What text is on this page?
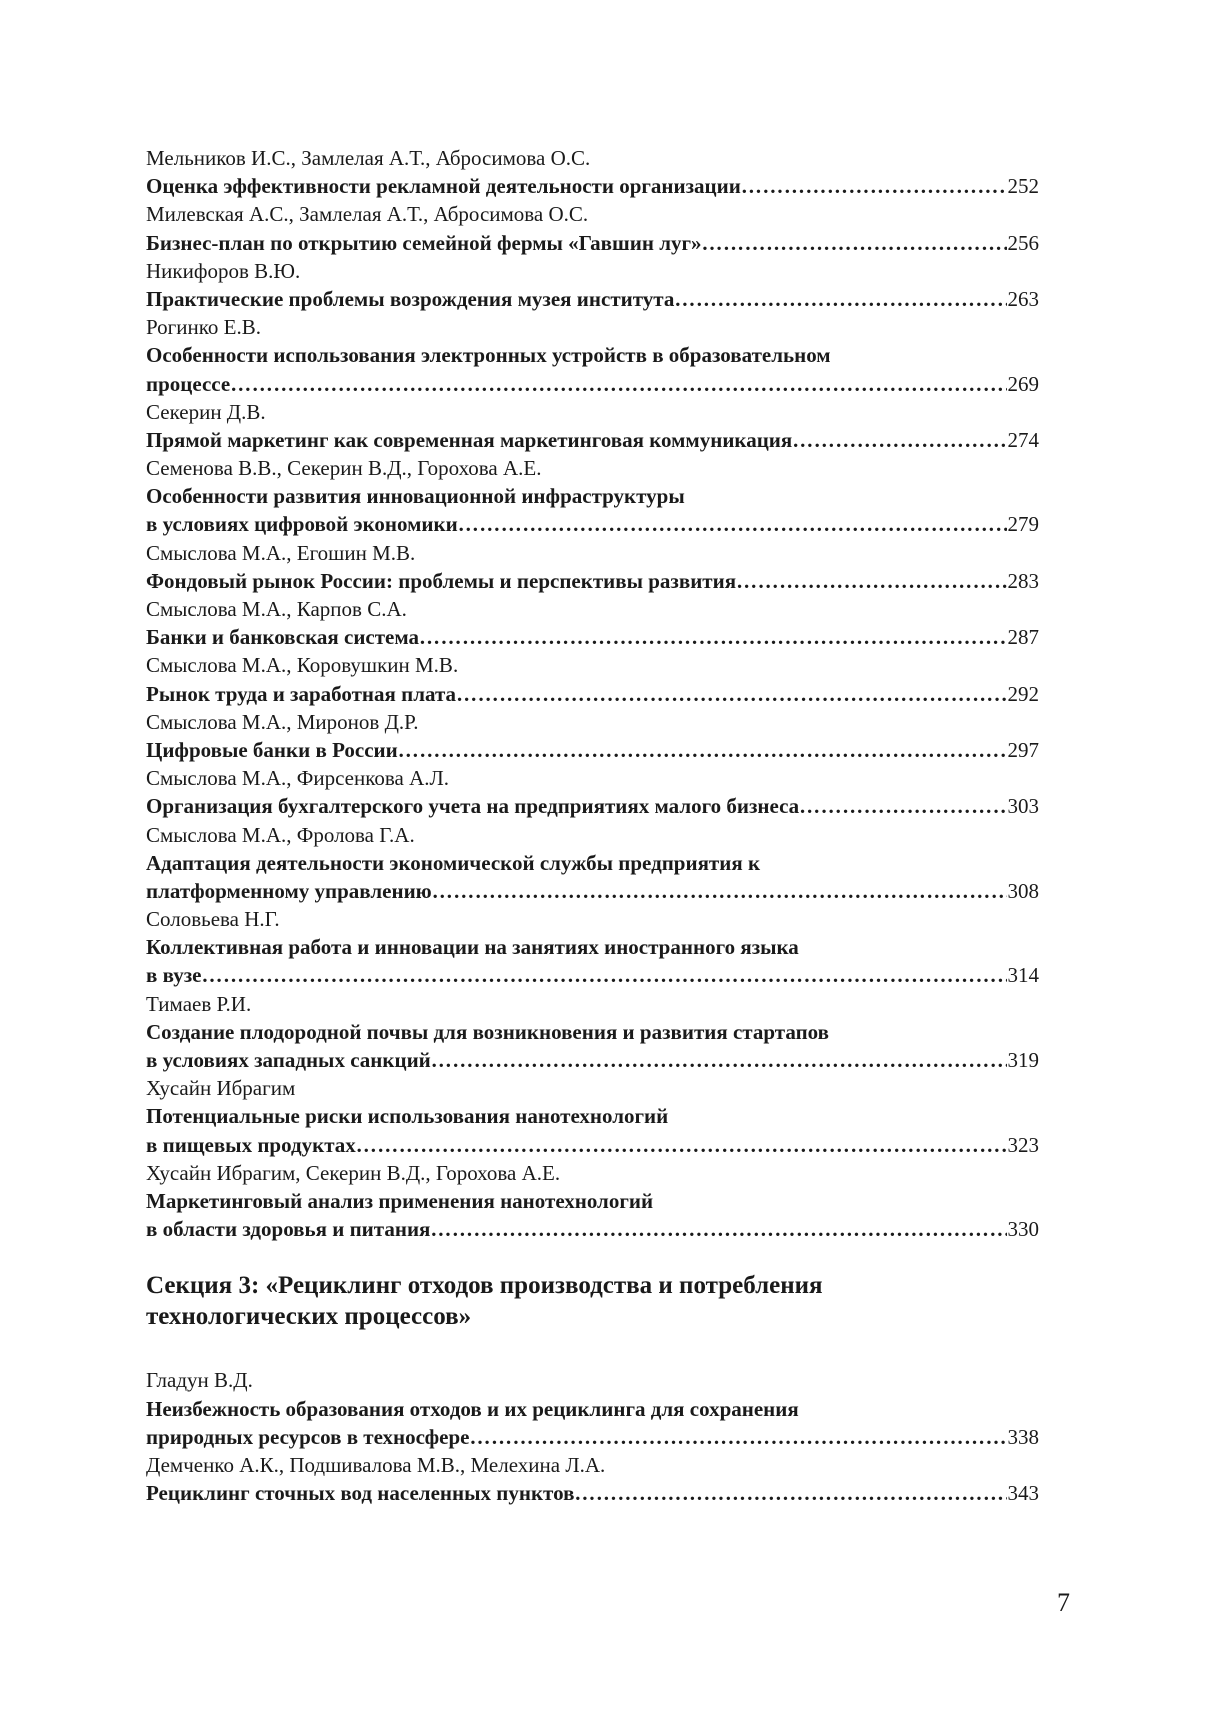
Мельников И.С., Замлелая А.Т., Абросимова О.С.
Оценка эффективности рекламной деятельности организации ………………………………………………………………………………………………………………………………………………………………………………………………………	252
Милевская А.С., Замлелая А.Т., Абросимова О.С.
Бизнес-план по открытию семейной фермы «Гавшин луг» ………………………………………………………………………………………………………………………………………………………………………………………………………	256
Никифоров В.Ю.
Практические проблемы возрождения музея института ………………………………………………………………………………………………………………………………………………………………………………………………………	263
Рогинко Е.В.
Особенности использования электронных устройств в образовательном
процессе ………………………………………………………………………………………………………………………………………………………………………………………………………	269
Секерин Д.В.
Прямой маркетинг как современная маркетинговая коммуникация ………………………………………………………………………………………………………………………………………………………………………………………………………	274
Семенова В.В., Секерин В.Д., Горохова А.Е.
Особенности развития инновационной инфраструктуры
в условиях цифровой экономики ………………………………………………………………………………………………………………………………………………………………………………………………………	279
Смыслова М.А., Егошин М.В.
Фондовый рынок России: проблемы и перспективы развития ………………………………………………………………………………………………………………………………………………………………………………………………………	283
Смыслова М.А., Карпов С.А.
Банки и банковская система ………………………………………………………………………………………………………………………………………………………………………………………………………	287
Смыслова М.А., Коровушкин М.В.
Рынок труда и заработная плата ………………………………………………………………………………………………………………………………………………………………………………………………………	292
Смыслова М.А., Миронов Д.Р.
Цифровые банки в России ………………………………………………………………………………………………………………………………………………………………………………………………………	297
Смыслова М.А., Фирсенкова А.Л.
Организация бухгалтерского учета на предприятиях малого бизнеса ………………………………………………………………………………………………………………………………………………………………………………………………………	303
Смыслова М.А., Фролова Г.А.
Адаптация деятельности экономической службы предприятия к
платформенному управлению ………………………………………………………………………………………………………………………………………………………………………………………………………	308
Соловьева Н.Г.
Коллективная работа и инновации на занятиях иностранного языка
в вузе ………………………………………………………………………………………………………………………………………………………………………………………………………	314
Тимаев Р.И.
Создание плодородной почвы для возникновения и развития стартапов
в условиях западных санкций ………………………………………………………………………………………………………………………………………………………………………………………………………	319
Хусайн Ибрагим
Потенциальные риски использования нанотехнологий
в пищевых продуктах ………………………………………………………………………………………………………………………………………………………………………………………………………	323
Хусайн Ибрагим, Секерин В.Д., Горохова А.Е.
Маркетинговый анализ применения нанотехнологий
в области здоровья и питания ………………………………………………………………………………………………………………………………………………………………………………………………………	330
Секция 3: «Рециклинг отходов производства и потребления
технологических процессов»
Гладун В.Д.
Неизбежность образования отходов и их рециклинга для сохранения
природных ресурсов в техносфере ………………………………………………………………………………………………………………………………………………………………………………………………………	338
Демченко А.К., Подшивалова М.В., Мелехина Л.А.
Рециклинг сточных вод населенных пунктов ………………………………………………………………………………………………………………………………………………………………………………………………………	343
7
